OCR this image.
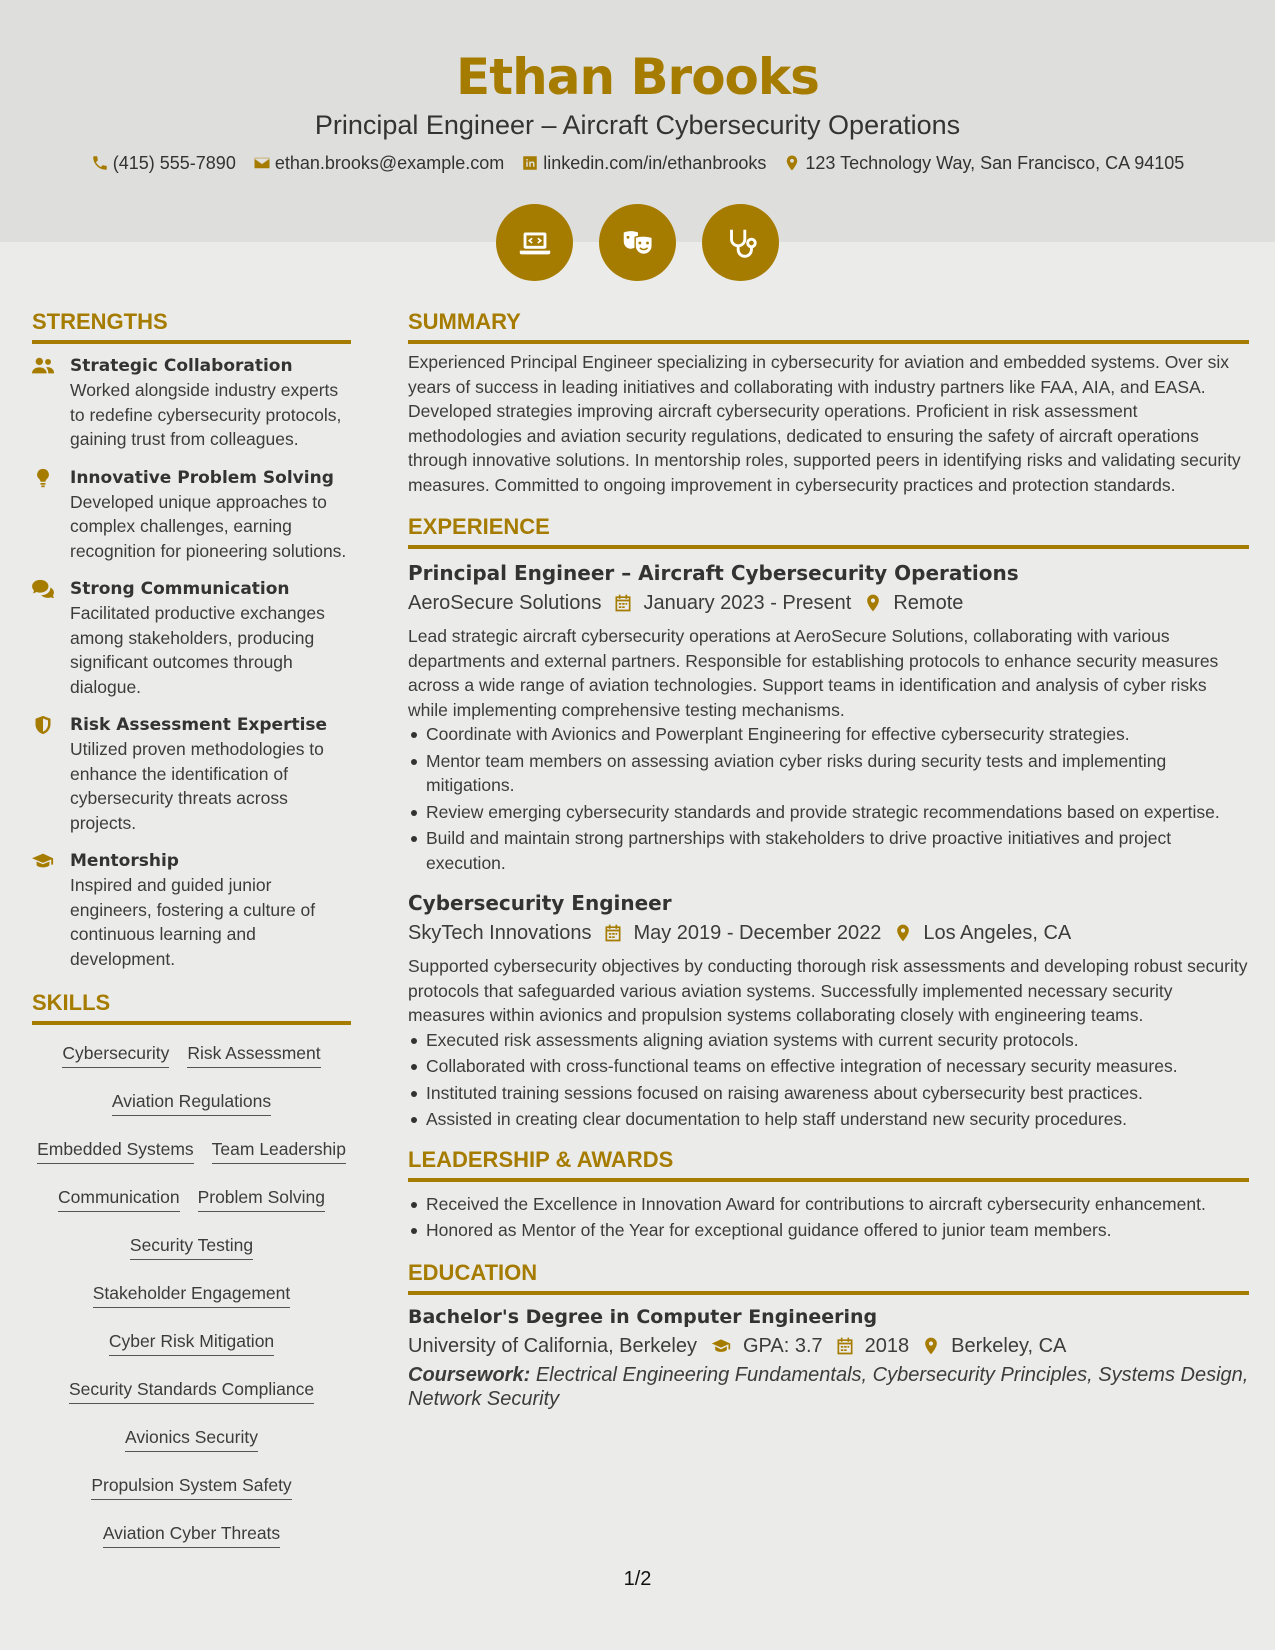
Ethan Brooks
Principal Engineer – Aircraft Cybersecurity Operations
(415) 555-7890 ethan.brooks@example.com linkedin.com/in/ethanbrooks 123 Technology Way, San Francisco, CA 94105
STRENGTHS
Strategic Collaboration
Worked alongside industry experts to redefine cybersecurity protocols, gaining trust from colleagues.
Innovative Problem Solving
Developed unique approaches to complex challenges, earning recognition for pioneering solutions.
Strong Communication
Facilitated productive exchanges among stakeholders, producing significant outcomes through dialogue.
Risk Assessment Expertise
Utilized proven methodologies to enhance the identification of cybersecurity threats across projects.
Mentorship
Inspired and guided junior engineers, fostering a culture of continuous learning and development.
SKILLS
Cybersecurity Risk Assessment
Aviation Regulations
Embedded Systems Team Leadership
Communication Problem Solving
Security Testing
Stakeholder Engagement
Cyber Risk Mitigation
Security Standards Compliance
Avionics Security
Propulsion System Safety
Aviation Cyber Threats
SUMMARY

Experienced Principal Engineer specializing in cybersecurity for aviation and embedded systems. Over six years of success in leading initiatives and collaborating with industry partners like FAA, AIA, and EASA. Developed strategies improving aircraft cybersecurity operations. Proficient in risk assessment methodologies and aviation security regulations, dedicated to ensuring the safety of aircraft operations through innovative solutions. In mentorship roles, supported peers in identifying risks and validating security measures. Committed to ongoing improvement in cybersecurity practices and protection standards.

EXPERIENCE
Principal Engineer – Aircraft Cybersecurity Operations
AeroSecure Solutions January 2023 - Present Remote

Lead strategic aircraft cybersecurity operations at AeroSecure Solutions, collaborating with various departments and external partners. Responsible for establishing protocols to enhance security measures across a wide range of aviation technologies. Support teams in identification and analysis of cyber risks while implementing comprehensive testing mechanisms.

Coordinate with Avionics and Powerplant Engineering for effective cybersecurity strategies.
Mentor team members on assessing aviation cyber risks during security tests and implementing mitigations.
Review emerging cybersecurity standards and provide strategic recommendations based on expertise.
Build and maintain strong partnerships with stakeholders to drive proactive initiatives and project execution.
Cybersecurity Engineer
SkyTech Innovations May 2019 - December 2022 Los Angeles, CA

Supported cybersecurity objectives by conducting thorough risk assessments and developing robust security protocols that safeguarded various aviation systems. Successfully implemented necessary security measures within avionics and propulsion systems collaborating closely with engineering teams.

Executed risk assessments aligning aviation systems with current security protocols.
Collaborated with cross-functional teams on effective integration of necessary security measures.
Instituted training sessions focused on raising awareness about cybersecurity best practices.
Assisted in creating clear documentation to help staff understand new security procedures.
LEADERSHIP & AWARDS
Received the Excellence in Innovation Award for contributions to aircraft cybersecurity enhancement.
Honored as Mentor of the Year for exceptional guidance offered to junior team members.
EDUCATION
Bachelor's Degree in Computer Engineering
University of California, Berkeley GPA: 3.7 2018 Berkeley, CA
Coursework: Electrical Engineering Fundamentals, Cybersecurity Principles, Systems Design, Network Security
1/2
